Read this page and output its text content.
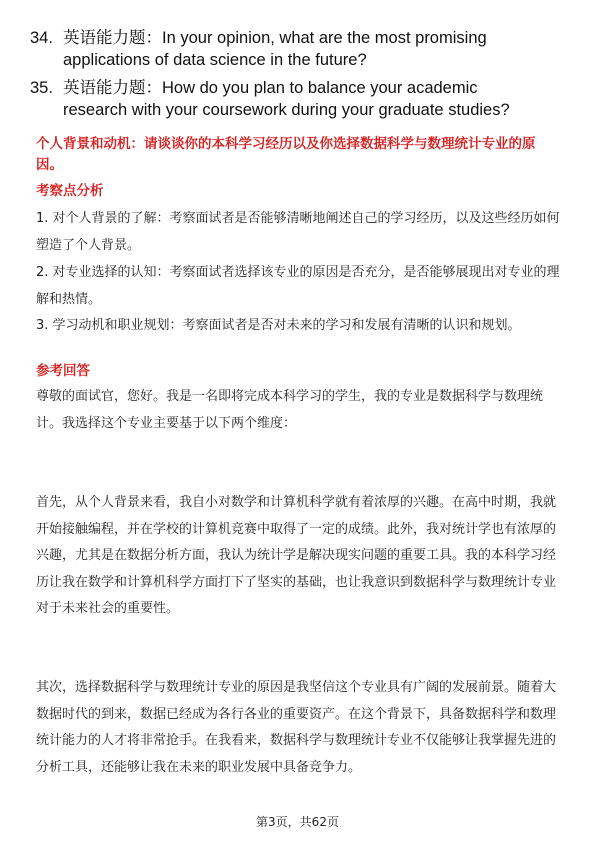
34. 英语能力题：In your opinion, what are the most promising
applications of data science in the future?
35. 英语能力题：How do you plan to balance your academic
research with your coursework during your graduate studies?
个人背景和动机：请谈谈你的本科学习经历以及你选择数据科学与数理统计专业的原因。
考察点分析
1. 对个人背景的了解：考察面试者是否能够清晰地阐述自己的学习经历，以及这些经历如何塑造了个人背景。
2. 对专业选择的认知：考察面试者选择该专业的原因是否充分，是否能够展现出对专业的理解和热情。
3. 学习动机和职业规划：考察面试者是否对未来的学习和发展有清晰的认识和规划。
参考回答
尊敬的面试官，您好。我是一名即将完成本科学习的学生，我的专业是数据科学与数理统计。我选择这个专业主要基于以下两个维度：
首先，从个人背景来看，我自小对数学和计算机科学就有着浓厚的兴趣。在高中时期，我就开始接触编程，并在学校的计算机竞赛中取得了一定的成绩。此外，我对统计学也有浓厚的兴趣，尤其是在数据分析方面，我认为统计学是解决现实问题的重要工具。我的本科学习经历让我在数学和计算机科学方面打下了坚实的基础，也让我意识到数据科学与数理统计专业对于未来社会的重要性。
其次，选择数据科学与数理统计专业的原因是我坚信这个专业具有广阔的发展前景。随着大数据时代的到来，数据已经成为各行各业的重要资产。在这个背景下，具备数据科学和数理统计能力的人才将非常抢手。在我看来，数据科学与数理统计专业不仅能够让我掌握先进的分析工具，还能够让我在未来的职业发展中具备竞争力。
第3页，共62页
